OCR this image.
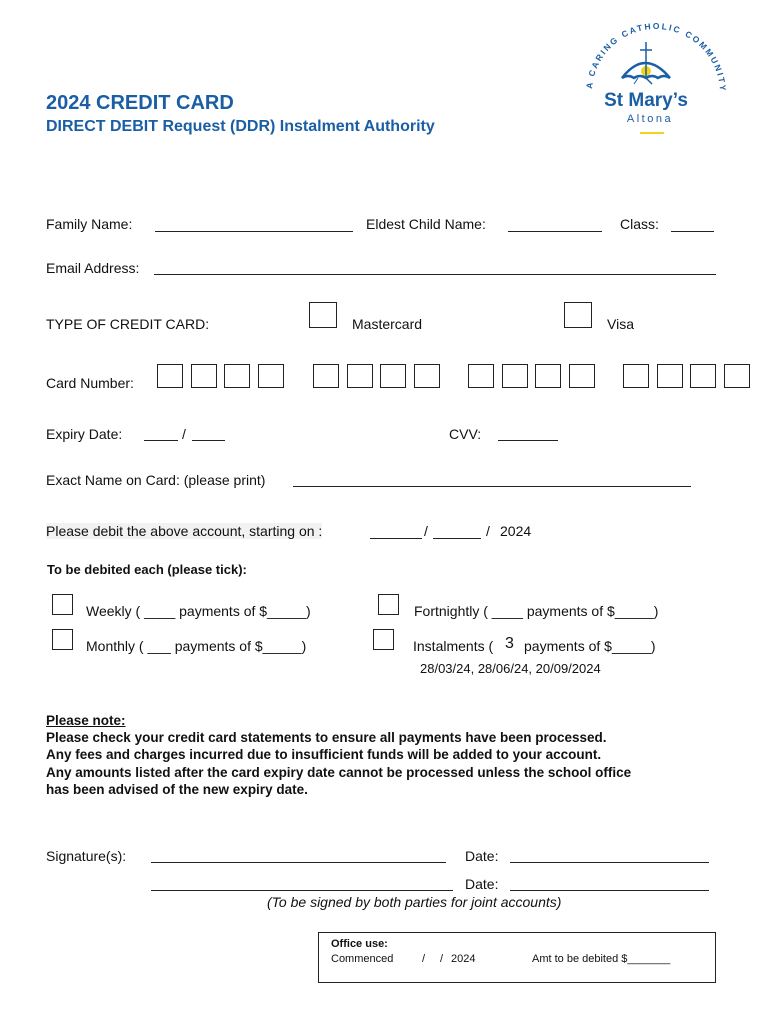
2024 CREDIT CARD
DIRECT DEBIT Request (DDR) Instalment Authority
A CARING CATHOLIC COMMUNITY
St Mary’s
Altona
Family Name:	Eldest Child Name:	Class:
Email Address:
TYPE OF CREDIT CARD:	Mastercard	Visa
Card Number:
Expiry Date:	/	CVV:
Exact Name on Card: (please print)
Please debit the above account, starting on :	/	/ 2024
To be debited each (please tick):
Weekly ( ____ payments of $_____)	Fortnightly ( ____ payments of $_____)
Monthly ( ___ payments of $_____)	Instalments ( 3 payments of $_____)
28/03/24, 28/06/24, 20/09/2024
Please note:
Please check your credit card statements to ensure all payments have been processed.
Any fees and charges incurred due to insufficient funds will be added to your account.
Any amounts listed after the card expiry date cannot be processed unless the school office
has been advised of the new expiry date.
Signature(s):	Date:
Date:
(To be signed by both parties for joint accounts)
Office use:
Commenced	/ / 2024	Amt to be debited $_______
